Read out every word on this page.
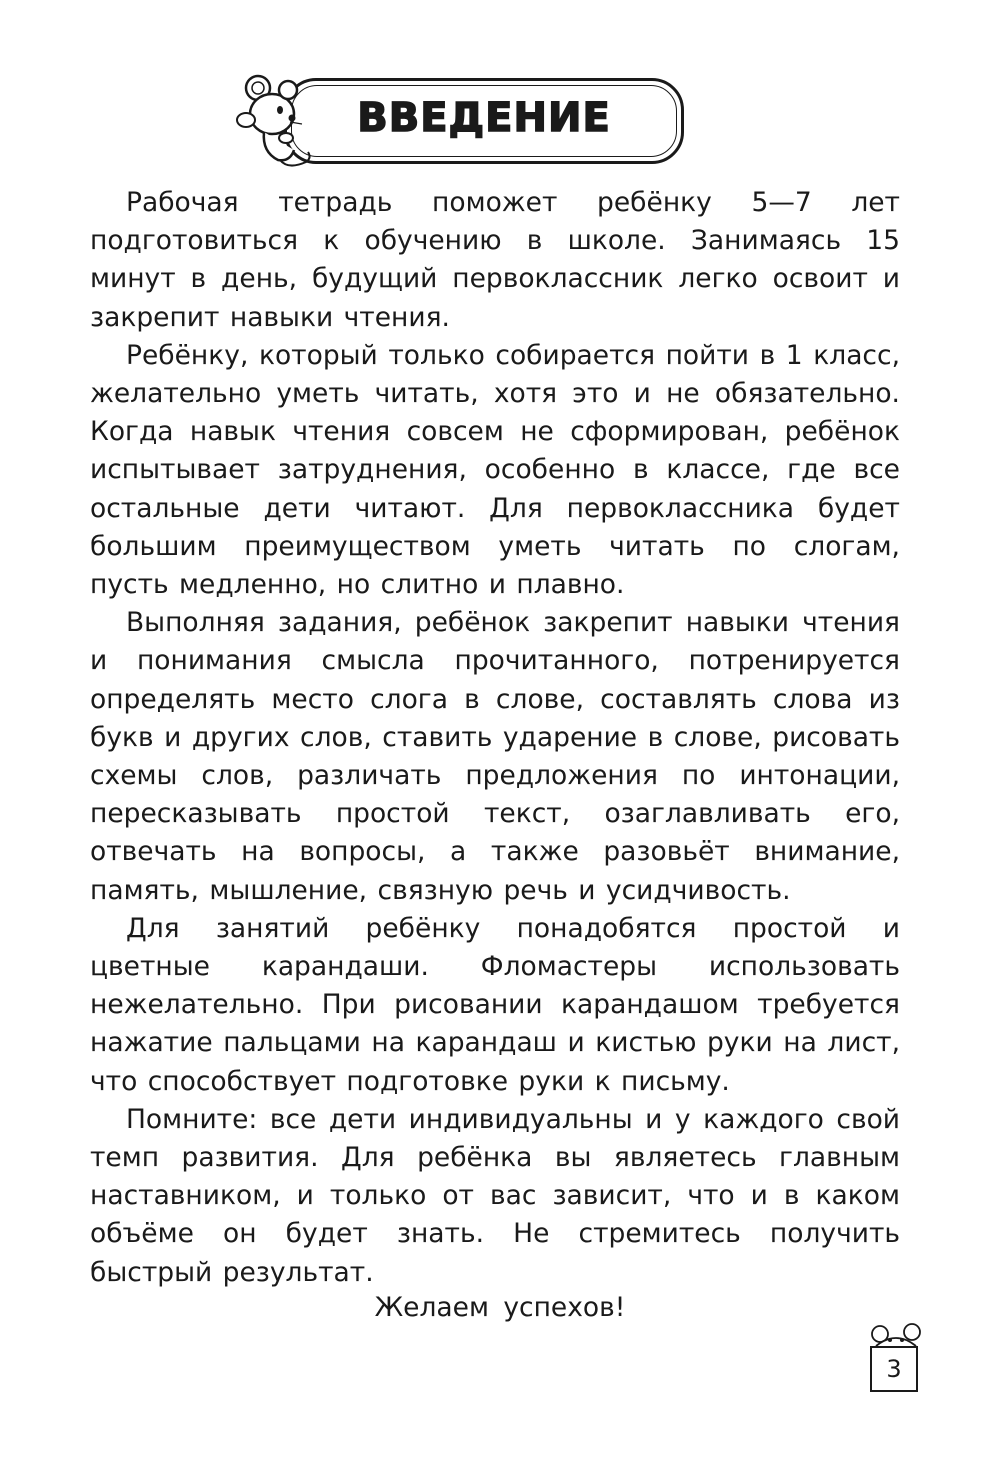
ВВЕДЕНИЕ

Рабочая тетрадь поможет ребёнку 5—7 лет подготовиться к обучению в школе. Занимаясь 15 минут в день, будущий первоклассник легко освоит и закрепит навыки чтения.

Ребёнку, который только собирается пойти в 1 класс, желательно уметь читать, хотя это и не обязательно. Когда навык чтения совсем не сформирован, ребёнок испытывает затруднения, особенно в классе, где все остальные дети читают. Для первоклассника будет большим преимуществом уметь читать по слогам, пусть медленно, но слитно и плавно.

Выполняя задания, ребёнок закрепит навыки чтения и понимания смысла прочитанного, потренируется определять место слога в слове, составлять слова из букв и других слов, ставить ударение в слове, рисовать схемы слов, различать предложения по интонации, пересказывать простой текст, озаглавливать его, отвечать на вопросы, а также разовьёт внимание, память, мышление, связную речь и усидчивость.

Для занятий ребёнку понадобятся простой и цветные карандаши. Фломастеры использовать нежелательно. При рисовании карандашом требуется нажатие пальцами на карандаш и кистью руки на лист, что способствует подготовке руки к письму.

Помните: все дети индивидуальны и у каждого свой темп развития. Для ребёнка вы являетесь главным наставником, и только от вас зависит, что и в каком объёме он будет знать. Не стремитесь получить быстрый результат.

Желаем успехов!
3
